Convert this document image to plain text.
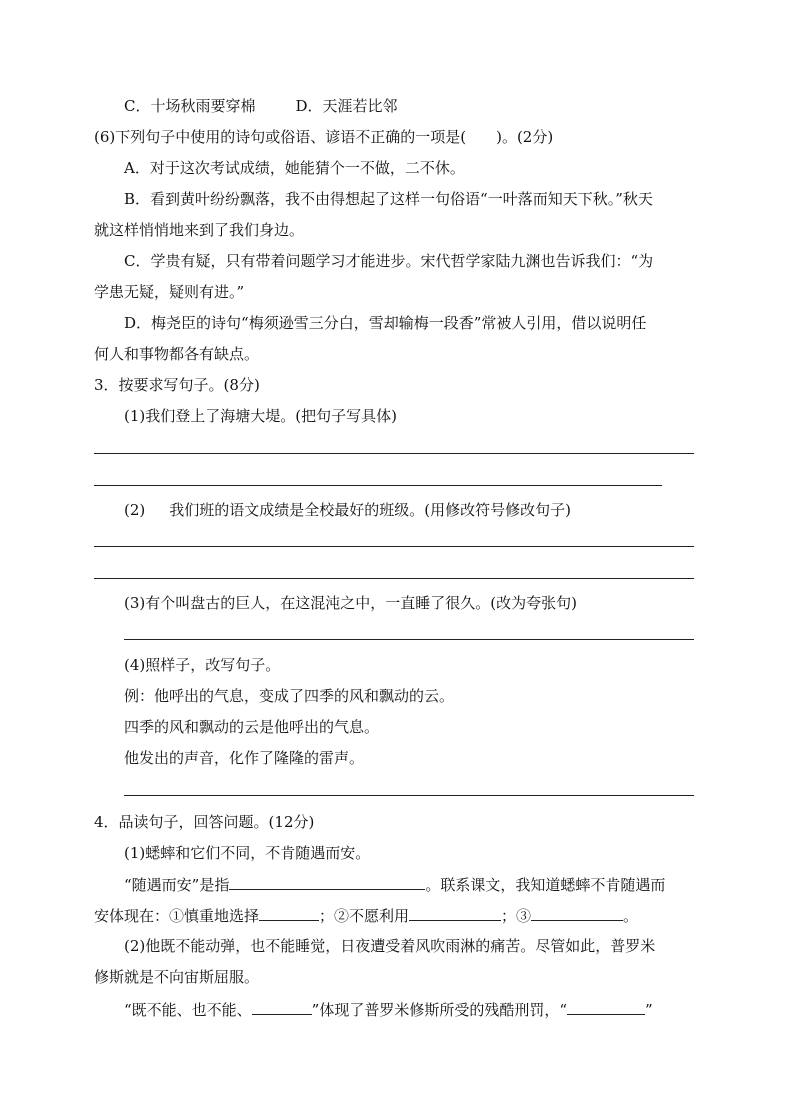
C．十场秋雨要穿棉	D．天涯若比邻
(6)下列句子中使用的诗句或俗语、谚语不正确的一项是(　　)。(2分)
A．对于这次考试成绩，她能猜个一不做，二不休。
B．看到黄叶纷纷飘落，我不由得想起了这样一句俗语“一叶落而知天下秋。”秋天
就这样悄悄地来到了我们身边。
C．学贵有疑，只有带着问题学习才能进步。宋代哲学家陆九渊也告诉我们：“为
学患无疑，疑则有进。”
D．梅尧臣的诗句“梅须逊雪三分白，雪却输梅一段香”常被人引用，借以说明任
何人和事物都各有缺点。
3．按要求写句子。(8分)
(1)我们登上了海塘大堤。(把句子写具体)
(2) 我们班的语文成绩是全校最好的班级。(用修改符号修改句子)
(3)有个叫盘古的巨人，在这混沌之中，一直睡了很久。(改为夸张句)
(4)照样子，改写句子。
例：他呼出的气息，变成了四季的风和飘动的云。
四季的风和飘动的云是他呼出的气息。
他发出的声音，化作了隆隆的雷声。
4．品读句子，回答问题。(12分)
(1)蟋蟀和它们不同，不肯随遇而安。
“随遇而安”是指	。联系课文，我知道蟋蟀不肯随遇而
安体现在：①慎重地选择	；②不愿利用	；③	。
(2)他既不能动弹，也不能睡觉，日夜遭受着风吹雨淋的痛苦。尽管如此，普罗米
修斯就是不向宙斯屈服。
“既不能、也不能、	”体现了普罗米修斯所受的残酷刑罚，“	”
